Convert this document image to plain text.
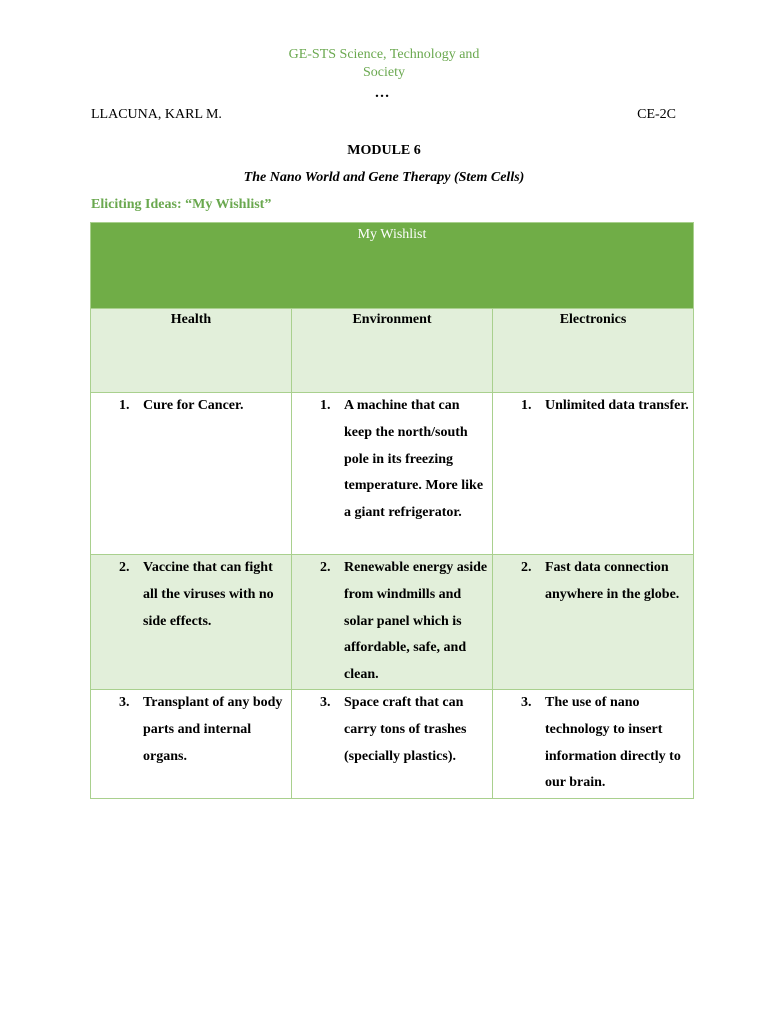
GE-STS Science, Technology and
Society
…
LLACUNA, KARL M.	CE-2C
MODULE 6
The Nano World and Gene Therapy (Stem Cells)
Eliciting Ideas: “My Wishlist”
My Wishlist		
Health	Environment	Electronics

1. Cure for Cancer.	1. A machine that can keep the north/south pole in its freezing temperature. More like a giant refrigerator.	1. Unlimited data transfer.

2. Vaccine that can fight all the viruses with no side effects.	2. Renewable energy aside from windmills and solar panel which is affordable, safe, and clean.	2. Fast data connection anywhere in the globe.

3. Transplant of any body parts and internal organs.	3. Space craft that can carry tons of trashes (specially plastics).	3. The use of nano technology to insert information directly to our brain.
